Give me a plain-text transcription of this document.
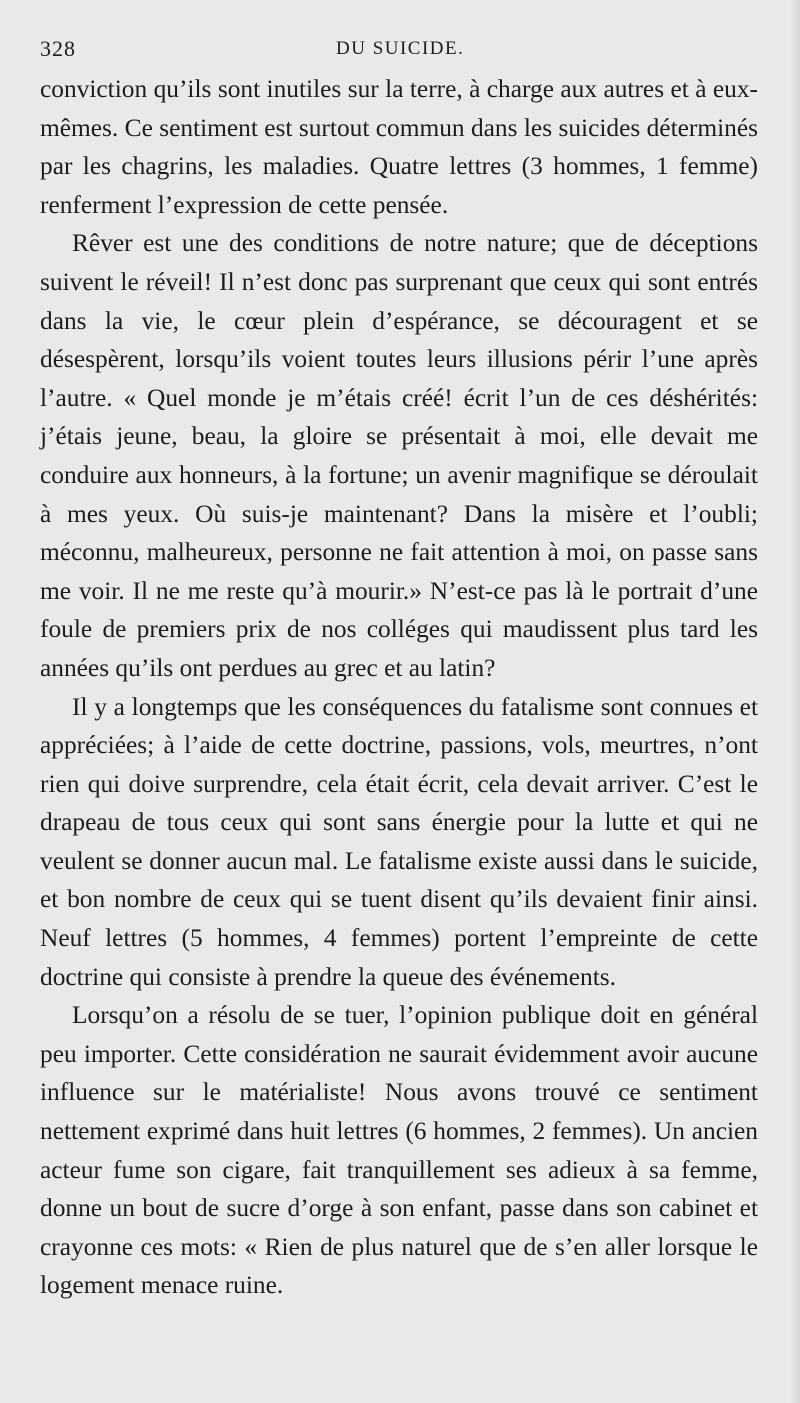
328	DU SUICIDE.

conviction qu’ils sont inutiles sur la terre, à charge aux autres et à eux-mêmes. Ce sentiment est surtout commun dans les suicides déterminés par les chagrins, les maladies. Quatre lettres (3 hommes, 1 femme) renferment l’expression de cette pensée.

Rêver est une des conditions de notre nature; que de déceptions suivent le réveil! Il n’est donc pas surprenant que ceux qui sont entrés dans la vie, le cœur plein d’espérance, se découragent et se désespèrent, lorsqu’ils voient toutes leurs illusions périr l’une après l’autre. « Quel monde je m’étais créé! écrit l’un de ces déshérités: j’étais jeune, beau, la gloire se présentait à moi, elle devait me conduire aux honneurs, à la fortune; un avenir magnifique se déroulait à mes yeux. Où suis-je maintenant? Dans la misère et l’oubli; méconnu, malheureux, personne ne fait attention à moi, on passe sans me voir. Il ne me reste qu’à mourir.» N’est-ce pas là le portrait d’une foule de premiers prix de nos colléges qui maudissent plus tard les années qu’ils ont perdues au grec et au latin?

Il y a longtemps que les conséquences du fatalisme sont connues et appréciées; à l’aide de cette doctrine, passions, vols, meurtres, n’ont rien qui doive surprendre, cela était écrit, cela devait arriver. C’est le drapeau de tous ceux qui sont sans énergie pour la lutte et qui ne veulent se donner aucun mal. Le fatalisme existe aussi dans le suicide, et bon nombre de ceux qui se tuent disent qu’ils devaient finir ainsi. Neuf lettres (5 hommes, 4 femmes) portent l’empreinte de cette doctrine qui consiste à prendre la queue des événements.

Lorsqu’on a résolu de se tuer, l’opinion publique doit en général peu importer. Cette considération ne saurait évidemment avoir aucune influence sur le matérialiste! Nous avons trouvé ce sentiment nettement exprimé dans huit lettres (6 hommes, 2 femmes). Un ancien acteur fume son cigare, fait tranquillement ses adieux à sa femme, donne un bout de sucre d’orge à son enfant, passe dans son cabinet et crayonne ces mots: « Rien de plus naturel que de s’en aller lorsque le logement menace ruine.
